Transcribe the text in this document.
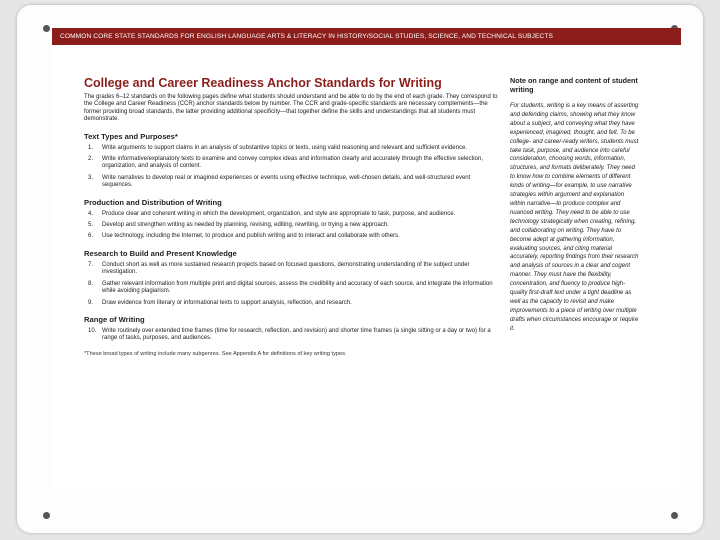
COMMON CORE STATE STANDARDS FOR ENGLISH LANGUAGE ARTS & LITERACY IN HISTORY/SOCIAL STUDIES, SCIENCE, AND TECHNICAL SUBJECTS
College and Career Readiness Anchor Standards for Writing

The grades 6–12 standards on the following pages define what students should understand and be able to do by the end of each grade. They correspond to the College and Career Readiness (CCR) anchor standards below by number. The CCR and grade-specific standards are necessary complements—the former providing broad standards, the latter providing additional specificity—that together define the skills and understandings that all students must demonstrate.

Text Types and Purposes*
1.	Write arguments to support claims in an analysis of substantive topics or texts, using valid reasoning and relevant and sufficient evidence.
2.	Write informative/explanatory texts to examine and convey complex ideas and information clearly and accurately through the effective selection, organization, and analysis of content.
3.	Write narratives to develop real or imagined experiences or events using effective technique, well-chosen details, and well-structured event sequences.
Production and Distribution of Writing
4.	Produce clear and coherent writing in which the development, organization, and style are appropriate to task, purpose, and audience.
5.	Develop and strengthen writing as needed by planning, revising, editing, rewriting, or trying a new approach.
6.	Use technology, including the Internet, to produce and publish writing and to interact and collaborate with others.
Research to Build and Present Knowledge
7.	Conduct short as well as more sustained research projects based on focused questions, demonstrating understanding of the subject under investigation.
8.	Gather relevant information from multiple print and digital sources, assess the credibility and accuracy of each source, and integrate the information while avoiding plagiarism.
9.	Draw evidence from literary or informational texts to support analysis, reflection, and research.
Range of Writing
10. Write routinely over extended time frames (time for research, reflection, and revision) and shorter time frames (a single sitting or a day or two) for a range of tasks, purposes, and audiences.
*These broad types of writing include many subgenres. See Appendix A for definitions of key writing types.
Note on range and content of student writing

For students, writing is a key means of asserting and defending claims, showing what they know about a subject, and conveying what they have experienced, imagined, thought, and felt. To be college- and career-ready writers, students must take task, purpose, and audience into careful consideration, choosing words, information, structures, and formats deliberately. They need to know how to combine elements of different kinds of writing—for example, to use narrative strategies within argument and explanation within narrative—to produce complex and nuanced writing. They need to be able to use technology strategically when creating, refining, and collaborating on writing. They have to become adept at gathering information, evaluating sources, and citing material accurately, reporting findings from their research and analysis of sources in a clear and cogent manner. They must have the flexibility, concentration, and fluency to produce high-quality first-draft text under a tight deadline as well as the capacity to revisit and make improvements to a piece of writing over multiple drafts when circumstances encourage or require it.
